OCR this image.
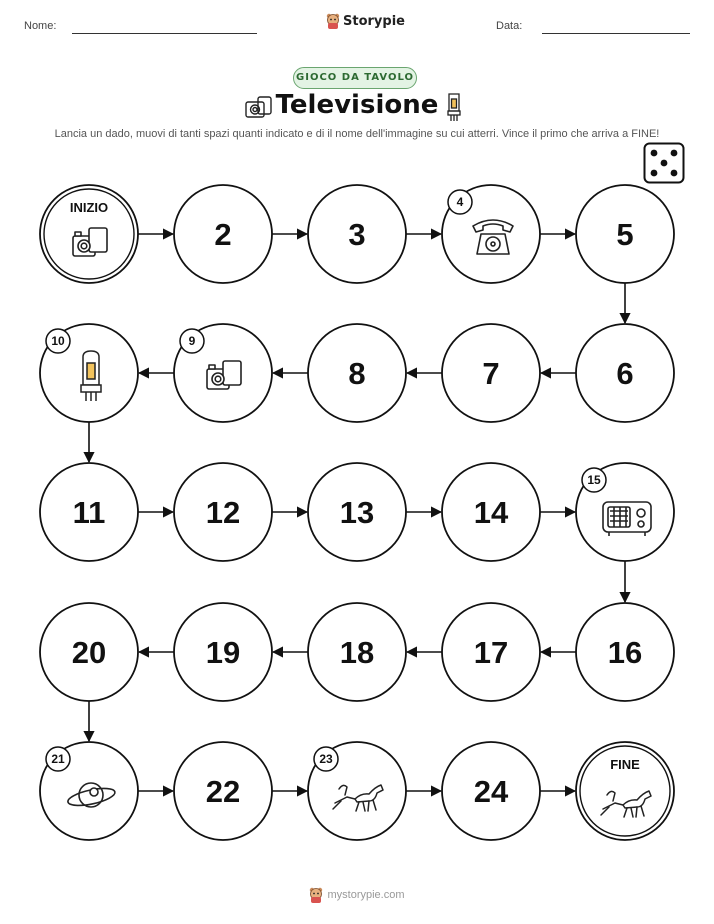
Nome:	Storypie	Data:
GIOCO DA TAVOLO
Televisione
Lancia un dado, muovi di tanti spazi quanti indicato e di il nome dell'immagine su cui atterri. Vince il primo che arriva a FINE!
INIZIO
2	3
4
5
6
7
8
9
10
11	12	13	14
15
16
17
18
19
20
21
22
23
24
FINE
mystorypie.com
